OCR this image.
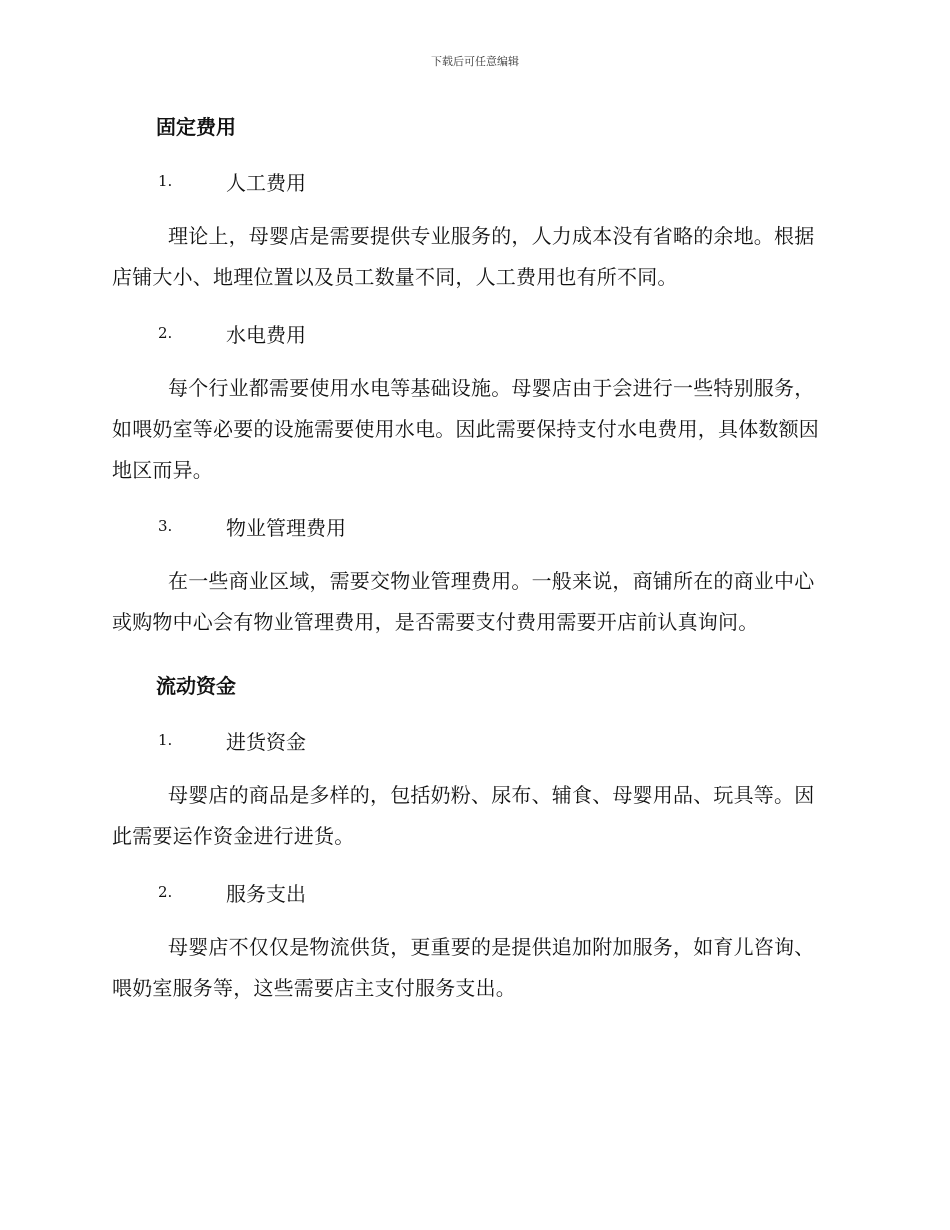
下载后可任意编辑
固定费用
1.	人工费用

理论上，母婴店是需要提供专业服务的，人力成本没有省略的余地。根据店铺大小、地理位置以及员工数量不同，人工费用也有所不同。

2.	水电费用

每个行业都需要使用水电等基础设施。母婴店由于会进行一些特别服务，如喂奶室等必要的设施需要使用水电。因此需要保持支付水电费用，具体数额因地区而异。

3.	物业管理费用

在一些商业区域，需要交物业管理费用。一般来说，商铺所在的商业中心或购物中心会有物业管理费用，是否需要支付费用需要开店前认真询问。

流动资金
1.	进货资金

母婴店的商品是多样的，包括奶粉、尿布、辅食、母婴用品、玩具等。因此需要运作资金进行进货。

2.	服务支出

母婴店不仅仅是物流供货，更重要的是提供追加附加服务，如育儿咨询、喂奶室服务等，这些需要店主支付服务支出。
